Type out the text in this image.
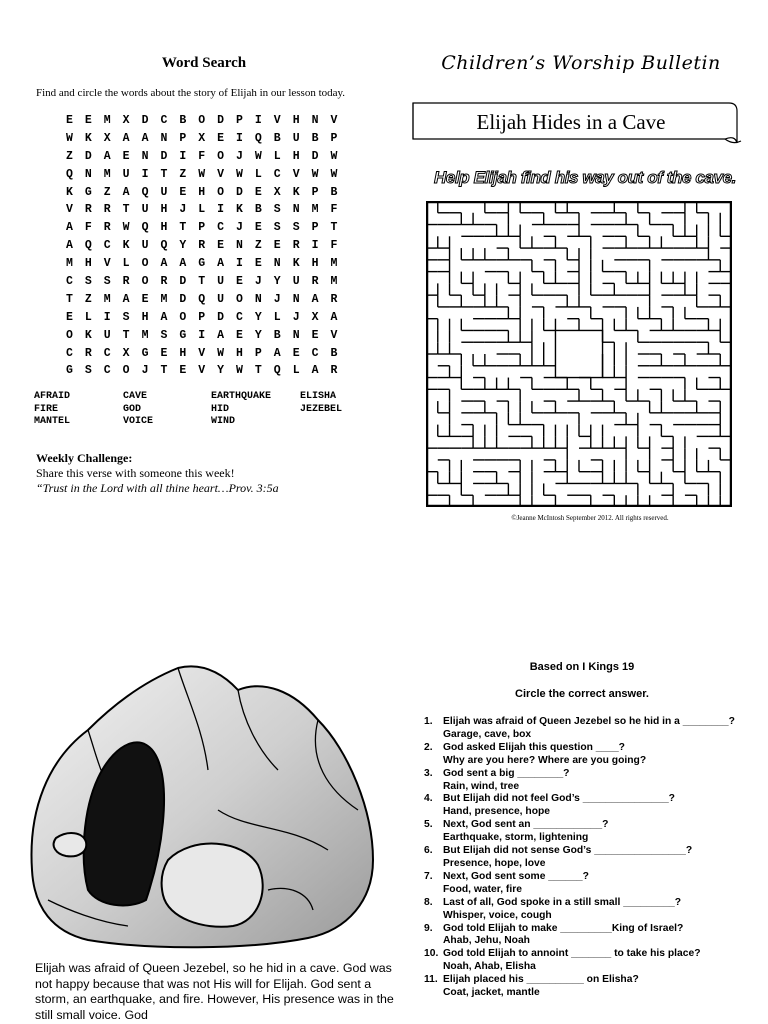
Word Search
Find and circle the words about the story of Elijah in our lesson today.
E	E	M	X	D	C	B	O	D	P	I	V	H	N	V
W	K	X	A	A	N	P	X	E	I	Q	B	U	B	P
Z	D	A	E	N	D	I	F	O	J	W	L	H	D	W
Q	N	M	U	I	T	Z	W	V	W	L	C	V	W	W
K	G	Z	A	Q	U	E	H	O	D	E	X	K	P	B
V	R	R	T	U	H	J	L	I	K	B	S	N	M	F
A	F	R	W	Q	H	T	P	C	J	E	S	S	P	T
A	Q	C	K	U	Q	Y	R	E	N	Z	E	R	I	F
M	H	V	L	O	A	A	G	A	I	E	N	K	H	M
C	S	S	R	O	R	D	T	U	E	J	Y	U	R	M
T	Z	M	A	E	M	D	Q	U	O	N	J	N	A	R
E	L	I	S	H	A	O	P	D	C	Y	L	J	X	A
O	K	U	T	M	S	G	I	A	E	Y	B	N	E	V
C	R	C	X	G	E	H	V	W	H	P	A	E	C	B
G	S	C	O	J	T	E	V	Y	W	T	Q	L	A	R
AFRAID	CAVE	EARTHQUAKE	ELISHA
FIRE	GOD	HID	JEZEBEL
MANTEL	VOICE	WIND
Weekly Challenge:
Share this verse with someone this week!
“Trust in the Lord with all thine heart…Prov. 3:5a
Children’s Worship Bulletin
Elijah Hides in a Cave
Help Elijah find his way out of the cave.
©Jeanne McIntosh September 2012. All rights reserved.
Elijah was afraid of Queen Jezebel, so he hid in a cave. God was not happy because that was not His will for Elijah. God sent a storm, an earthquake, and fire. However, His presence was in the still small voice. God
Based on I Kings 19
Circle the correct answer.
1. Elijah was afraid of Queen Jezebel so he hid in a ________?
Garage, cave, box
2. God asked Elijah this question ____?
Why are you here? Where are you going?
3. God sent a big ________?
Rain, wind, tree
4. But Elijah did not feel God’s _______________?
Hand, presence, hope
5. Next, God sent an ____________?
Earthquake, storm, lightening
6. But Elijah did not sense God’s ________________?
Presence, hope, love
7. Next, God sent some ______?
Food, water, fire
8. Last of all, God spoke in a still small _________?
Whisper, voice, cough
9. God told Elijah to make _________King of Israel?
Ahab, Jehu, Noah
10. God told Elijah to annoint _______ to take his place?
Noah, Ahab, Elisha
11. Elijah placed his __________ on Elisha?
Coat, jacket, mantle
